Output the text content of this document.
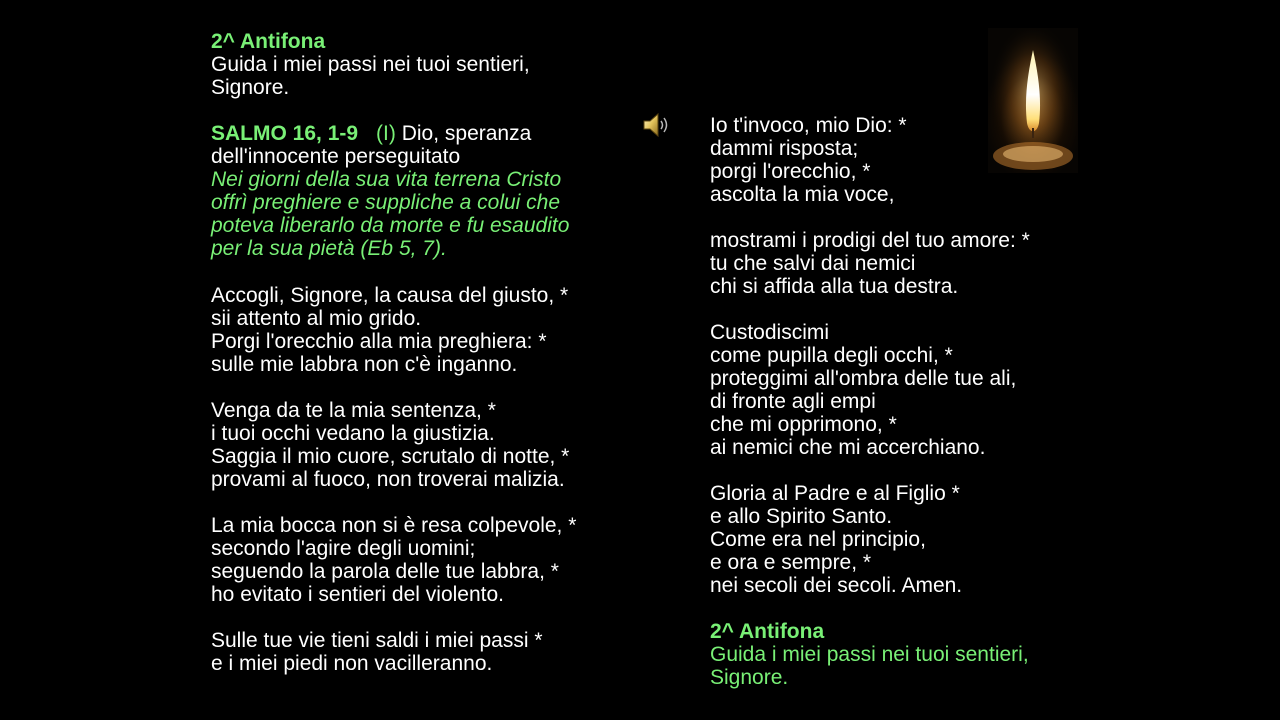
2^ Antifona
Guida i miei passi nei tuoi sentieri,
Signore.
SALMO 16, 1-9 (I) Dio, speranza
dell'innocente perseguitato
Nei giorni della sua vita terrena Cristo
offrì preghiere e suppliche a colui che
poteva liberarlo da morte e fu esaudito
per la sua pietà (Eb 5, 7).
Accogli, Signore, la causa del giusto, *
sii attento al mio grido.
Porgi l'orecchio alla mia preghiera: *
sulle mie labbra non c'è inganno.
Venga da te la mia sentenza, *
i tuoi occhi vedano la giustizia.
Saggia il mio cuore, scrutalo di notte, *
provami al fuoco, non troverai malizia.
La mia bocca non si è resa colpevole, *
secondo l'agire degli uomini;
seguendo la parola delle tue labbra, *
ho evitato i sentieri del violento.
Sulle tue vie tieni saldi i miei passi *
e i miei piedi non vacilleranno.
Io t'invoco, mio Dio: *
dammi risposta;
porgi l'orecchio, *
ascolta la mia voce,
mostrami i prodigi del tuo amore: *
tu che salvi dai nemici
chi si affida alla tua destra.
Custodiscimi
come pupilla degli occhi, *
proteggimi all'ombra delle tue ali,
di fronte agli empi
che mi opprimono, *
ai nemici che mi accerchiano.
Gloria al Padre e al Figlio *
e allo Spirito Santo.
Come era nel principio,
e ora e sempre, *
nei secoli dei secoli. Amen.
2^ Antifona
Guida i miei passi nei tuoi sentieri,
Signore.
